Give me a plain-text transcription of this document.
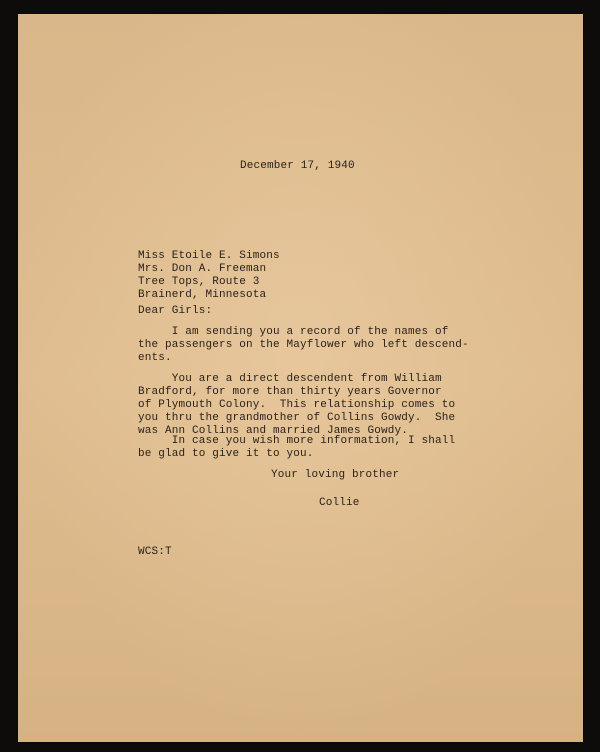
December 17, 1940

Miss Etoile E. Simons

Mrs. Don A. Freeman

Tree Tops, Route 3

Brainerd, Minnesota

Dear Girls:

I am sending you a record of the names of

the passengers on the Mayflower who left descend-

ents.

You are a direct descendent from William

Bradford, for more than thirty years Governor

of Plymouth Colony.  This relationship comes to

you thru the grandmother of Collins Gowdy.  She

was Ann Collins and married James Gowdy.

In case you wish more information, I shall

be glad to give it to you.

Your loving brother

Collie

WCS:T
